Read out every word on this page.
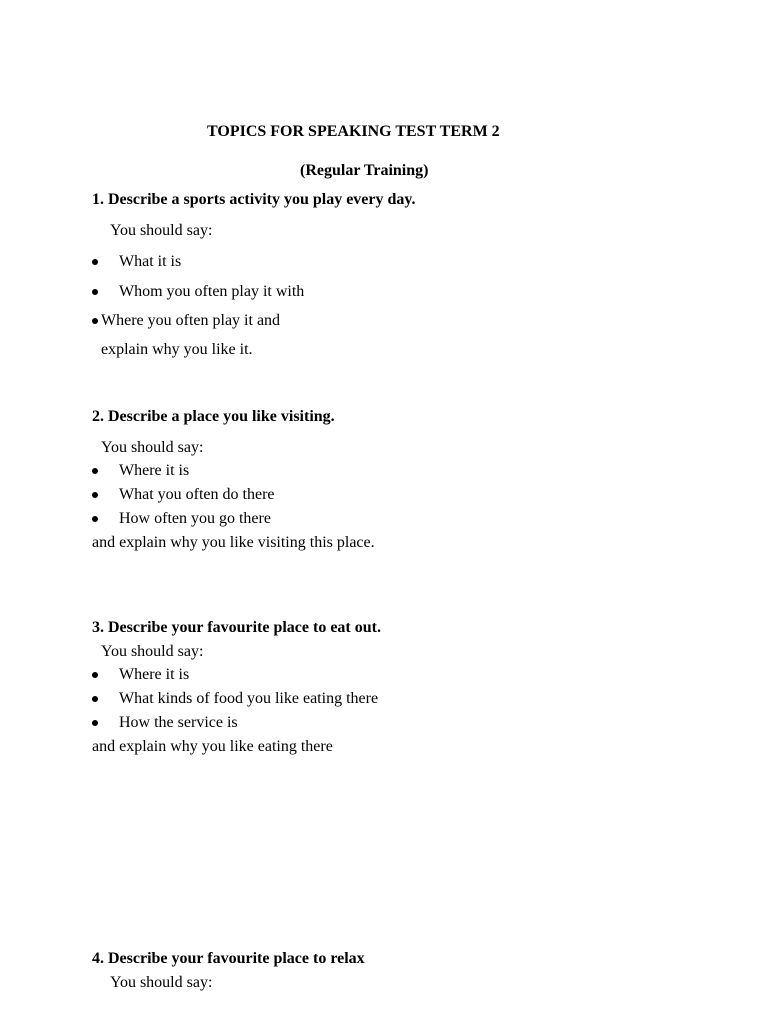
TOPICS FOR SPEAKING TEST TERM 2
(Regular Training)
1. Describe a sports activity you play every day.
You should say:
What it is
Whom you often play it with
Where you often play it and
explain why you like it.
2. Describe a place you like visiting.
You should say:
Where it is
What you often do there
How often you go there
and explain why you like visiting this place.
3. Describe your favourite place to eat out.
You should say:
Where it is
What kinds of food you like eating there
How the service is
and explain why you like eating there
4. Describe your favourite place to relax
You should say:
